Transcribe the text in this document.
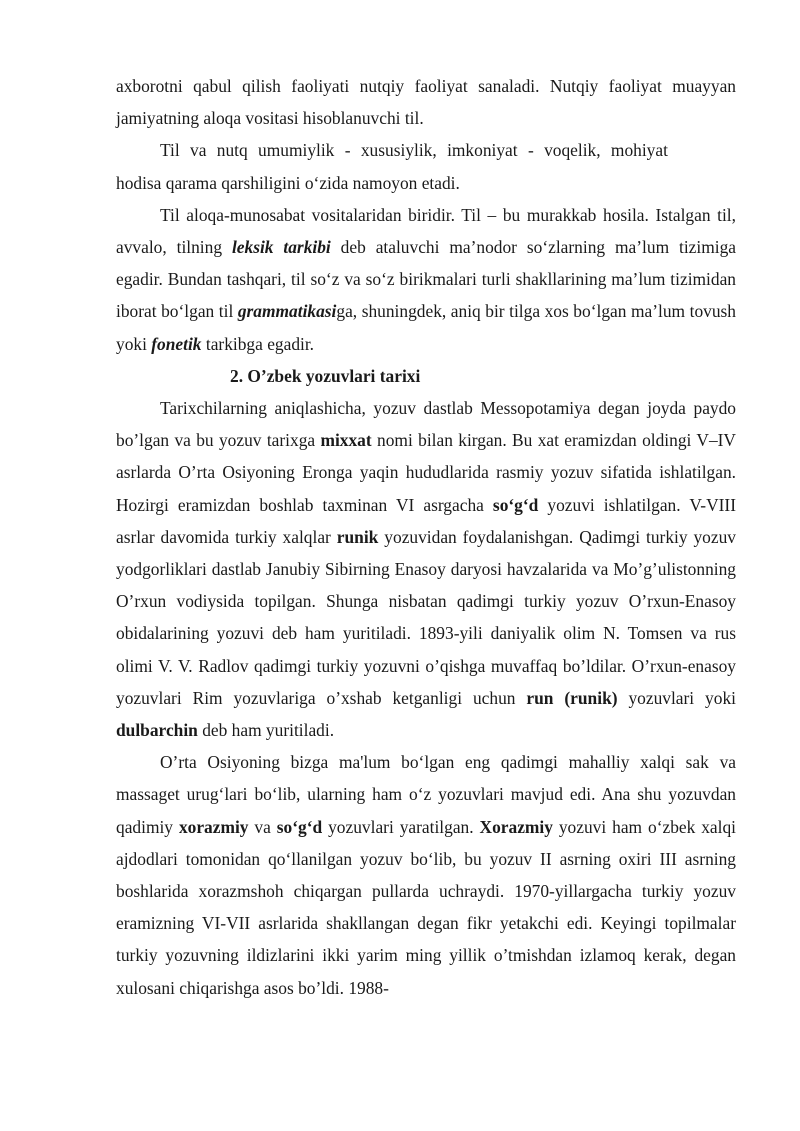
axborotni qabul qilish faoliyati nutqiy faoliyat sanaladi. Nutqiy faoliyat muayyan jamiyatning aloqa vositasi hisoblanuvchi til.

Til va nutq umumiylik - xususiylik, imkoniyat - voqelik, mohiyat

hodisa qarama qarshiligini o‘zida namoyon etadi.

Til aloqa-munosabat vositalaridan biridir. Til – bu murakkab hosila. Istalgan til, avvalo, tilning leksik tarkibi deb ataluvchi ma’nodor so‘zlarning ma’lum tizimiga egadir. Bundan tashqari, til so‘z va so‘z birikmalari turli shakllarining ma’lum tizimidan iborat bo‘lgan til grammatikasiga, shuningdek, aniq bir tilga xos bo‘lgan ma’lum tovush yoki fonetik tarkibga egadir.

2. O’zbek yozuvlari tarixi

Tarixchilarning aniqlashicha, yozuv dastlab Messopotamiya degan joyda paydo bo’lgan va bu yozuv tarixga mixxat nomi bilan kirgan. Bu xat eramizdan oldingi V–IV asrlarda O’rta Osiyoning Eronga yaqin hududlarida rasmiy yozuv sifatida ishlatilgan. Hozirgi eramizdan boshlab taxminan VI asrgacha so‘g‘d yozuvi ishlatilgan. V-VIII asrlar davomida turkiy xalqlar runik yozuvidan foydalanishgan. Qadimgi turkiy yozuv yodgorliklari dastlab Janubiy Sibirning Enasoy daryosi havzalarida va Mo’g’ulistonning O’rxun vodiysida topilgan. Shunga nisbatan qadimgi turkiy yozuv O’rxun-Enasoy obidalarining yozuvi deb ham yuritiladi. 1893-yili daniyalik olim N. Tomsen va rus olimi V. V. Radlov qadimgi turkiy yozuvni o’qishga muvaffaq bo’ldilar. O’rxun-enasoy yozuvlari Rim yozuvlariga o’xshab ketganligi uchun run (runik) yozuvlari yoki dulbarchin deb ham yuritiladi.

O’rta Osiyoning bizga ma'lum bo‘lgan eng qadimgi mahalliy xalqi sak va massaget urug‘lari bo‘lib, ularning ham o‘z yozuvlari mavjud edi. Ana shu yozuvdan qadimiy xorazmiy va so‘g‘d yozuvlari yaratilgan. Xorazmiy yozuvi ham o‘zbek xalqi ajdodlari tomonidan qo‘llanilgan yozuv bo‘lib, bu yozuv II asrning oxiri III asrning boshlarida xorazmshoh chiqargan pullarda uchraydi. 1970-yillargacha turkiy yozuv eramizning VI-VII asrlarida shakllangan degan fikr yetakchi edi. Keyingi topilmalar turkiy yozuvning ildizlarini ikki yarim ming yillik o’tmishdan izlamoq kerak, degan xulosani chiqarishga asos bo’ldi. 1988-
